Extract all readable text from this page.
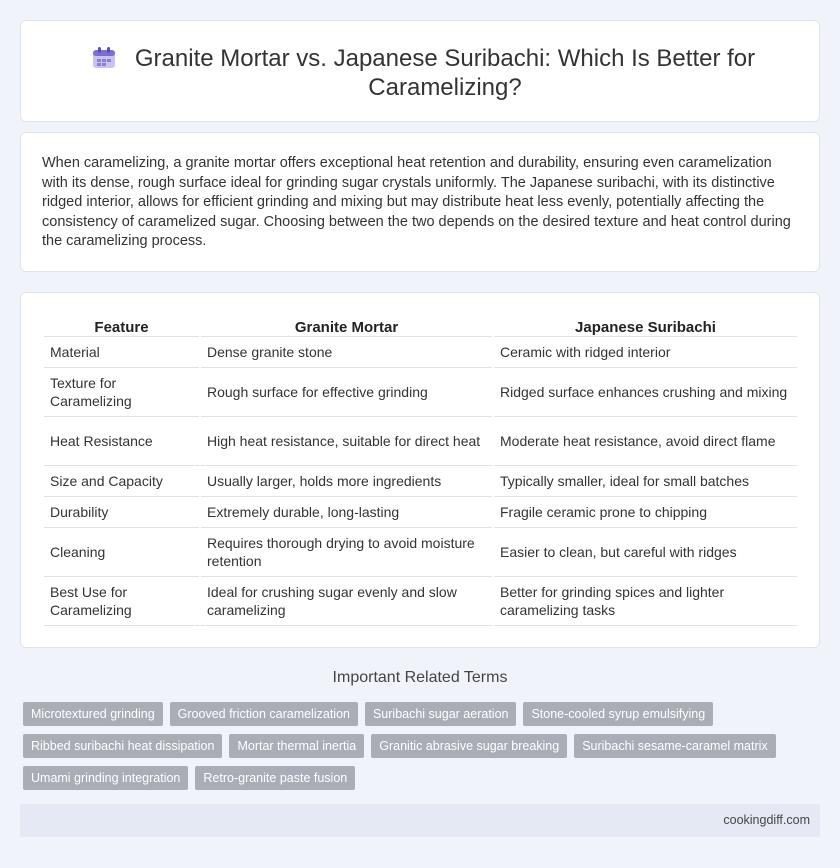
Granite Mortar vs. Japanese Suribachi: Which Is Better for Caramelizing?

When caramelizing, a granite mortar offers exceptional heat retention and durability, ensuring even caramelization with its dense, rough surface ideal for grinding sugar crystals uniformly. The Japanese suribachi, with its distinctive ridged interior, allows for efficient grinding and mixing but may distribute heat less evenly, potentially affecting the consistency of caramelized sugar. Choosing between the two depends on the desired texture and heat control during the caramelizing process.

Feature	Granite Mortar	Japanese Suribachi
Material	Dense granite stone	Ceramic with ridged interior
Texture for Caramelizing	Rough surface for effective grinding	Ridged surface enhances crushing and mixing
Heat Resistance	High heat resistance, suitable for direct heat	Moderate heat resistance, avoid direct flame
Size and Capacity	Usually larger, holds more ingredients	Typically smaller, ideal for small batches
Durability	Extremely durable, long-lasting	Fragile ceramic prone to chipping
Cleaning	Requires thorough drying to avoid moisture retention	Easier to clean, but careful with ridges
Best Use for Caramelizing	Ideal for crushing sugar evenly and slow caramelizing	Better for grinding spices and lighter caramelizing tasks
Important Related Terms
Microtextured grinding	Grooved friction caramelization	Suribachi sugar aeration	Stone-cooled syrup emulsifying
Ribbed suribachi heat dissipation	Mortar thermal inertia	Granitic abrasive sugar breaking	Suribachi sesame-caramel matrix
Umami grinding integration	Retro-granite paste fusion
cookingdiff.com
